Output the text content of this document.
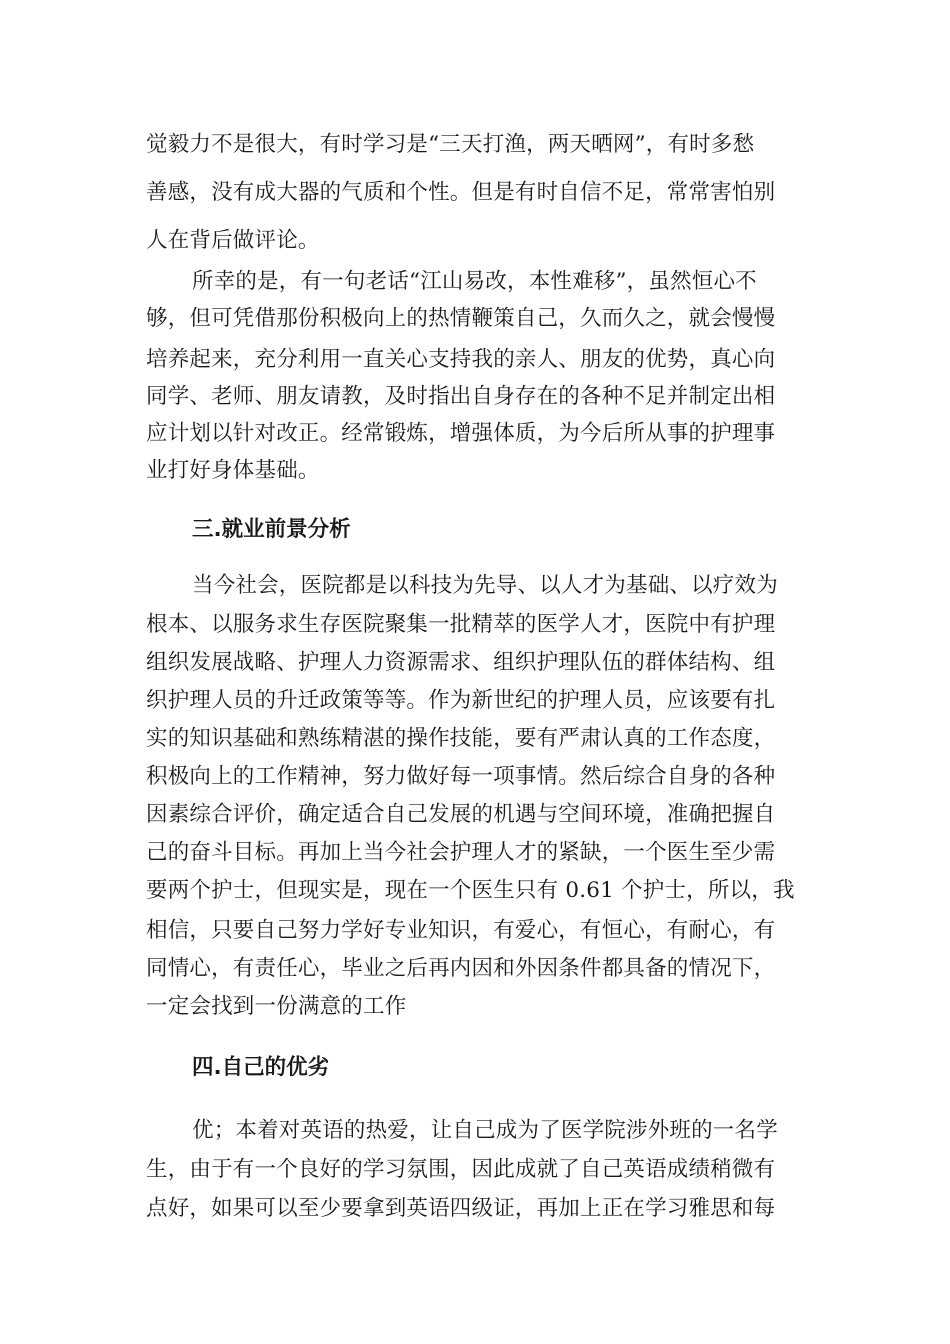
觉毅力不是很大，有时学习是“三天打渔，两天晒网”，有时多愁
善感，没有成大器的气质和个性。但是有时自信不足，常常害怕别
人在背后做评论。
所幸的是，有一句老话“江山易改，本性难移”，虽然恒心不
够，但可凭借那份积极向上的热情鞭策自己，久而久之，就会慢慢
培养起来，充分利用一直关心支持我的亲人、朋友的优势，真心向
同学、老师、朋友请教，及时指出自身存在的各种不足并制定出相
应计划以针对改正。经常锻炼，增强体质，为今后所从事的护理事
业打好身体基础。
三.就业前景分析
当今社会，医院都是以科技为先导、以人才为基础、以疗效为
根本、以服务求生存医院聚集一批精萃的医学人才，医院中有护理
组织发展战略、护理人力资源需求、组织护理队伍的群体结构、组
织护理人员的升迁政策等等。作为新世纪的护理人员，应该要有扎
实的知识基础和熟练精湛的操作技能，要有严肃认真的工作态度，
积极向上的工作精神，努力做好每一项事情。然后综合自身的各种
因素综合评价，确定适合自己发展的机遇与空间环境，准确把握自
己的奋斗目标。再加上当今社会护理人才的紧缺，一个医生至少需
要两个护士，但现实是，现在一个医生只有 0.61 个护士，所以，我
相信，只要自己努力学好专业知识，有爱心，有恒心，有耐心，有
同情心，有责任心，毕业之后再内因和外因条件都具备的情况下，
一定会找到一份满意的工作
四.自己的优劣
优；本着对英语的热爱，让自己成为了医学院涉外班的一名学
生，由于有一个良好的学习氛围，因此成就了自己英语成绩稍微有
点好，如果可以至少要拿到英语四级证，再加上正在学习雅思和每
